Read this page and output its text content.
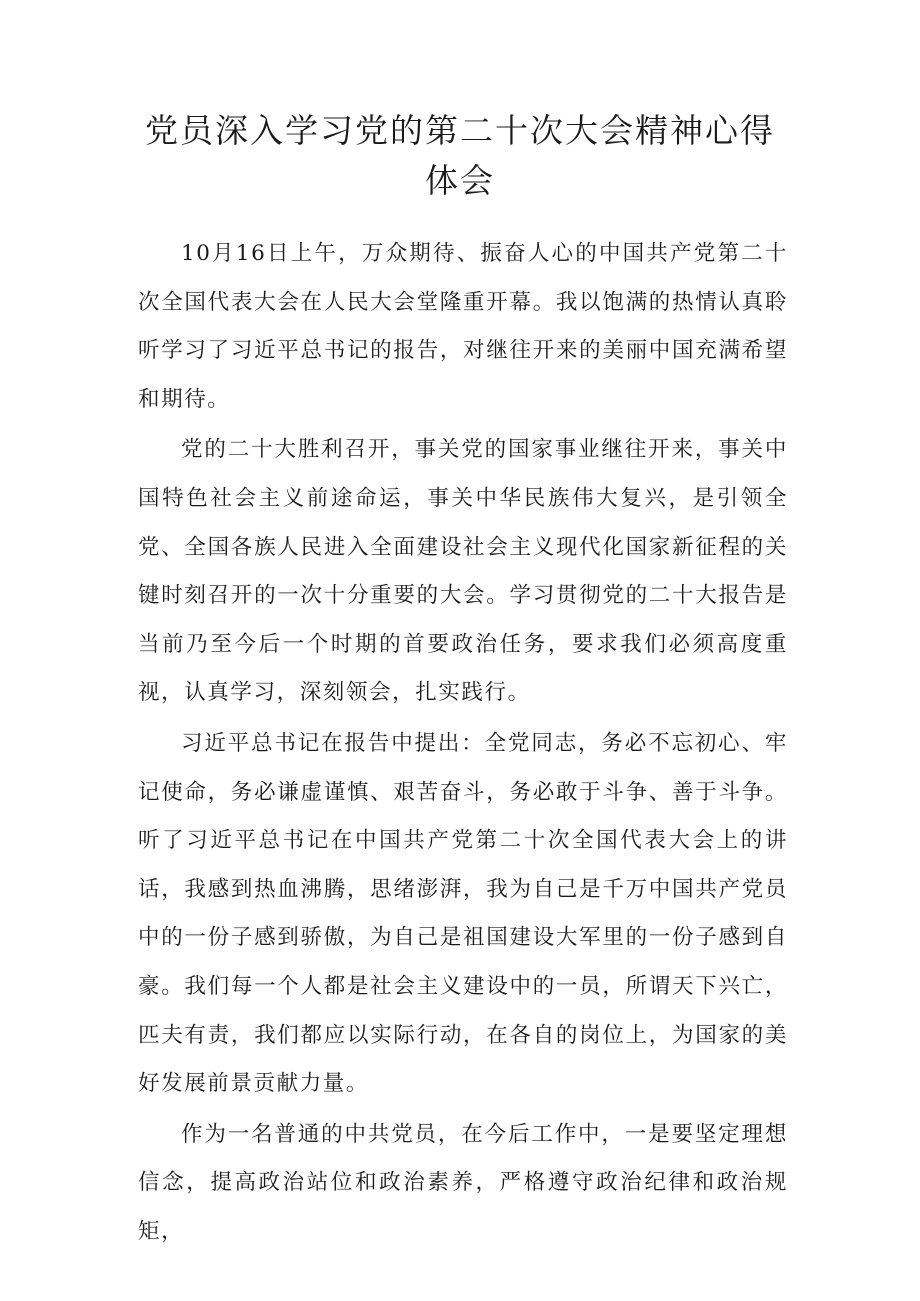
党员深入学习党的第二十次大会精神心得体会

10月16日上午，万众期待、振奋人心的中国共产党第二十次全国代表大会在人民大会堂隆重开幕。我以饱满的热情认真聆听学习了习近平总书记的报告，对继往开来的美丽中国充满希望和期待。

党的二十大胜利召开，事关党的国家事业继往开来，事关中国特色社会主义前途命运，事关中华民族伟大复兴，是引领全党、全国各族人民进入全面建设社会主义现代化国家新征程的关键时刻召开的一次十分重要的大会。学习贯彻党的二十大报告是当前乃至今后一个时期的首要政治任务，要求我们必须高度重视，认真学习，深刻领会，扎实践行。

习近平总书记在报告中提出：全党同志，务必不忘初心、牢记使命，务必谦虚谨慎、艰苦奋斗，务必敢于斗争、善于斗争。听了习近平总书记在中国共产党第二十次全国代表大会上的讲话，我感到热血沸腾，思绪澎湃，我为自己是千万中国共产党员中的一份子感到骄傲，为自己是祖国建设大军里的一份子感到自豪。我们每一个人都是社会主义建设中的一员，所谓天下兴亡，匹夫有责，我们都应以实际行动，在各自的岗位上，为国家的美好发展前景贡献力量。

作为一名普通的中共党员，在今后工作中，一是要坚定理想信念，提高政治站位和政治素养，严格遵守政治纪律和政治规矩，
